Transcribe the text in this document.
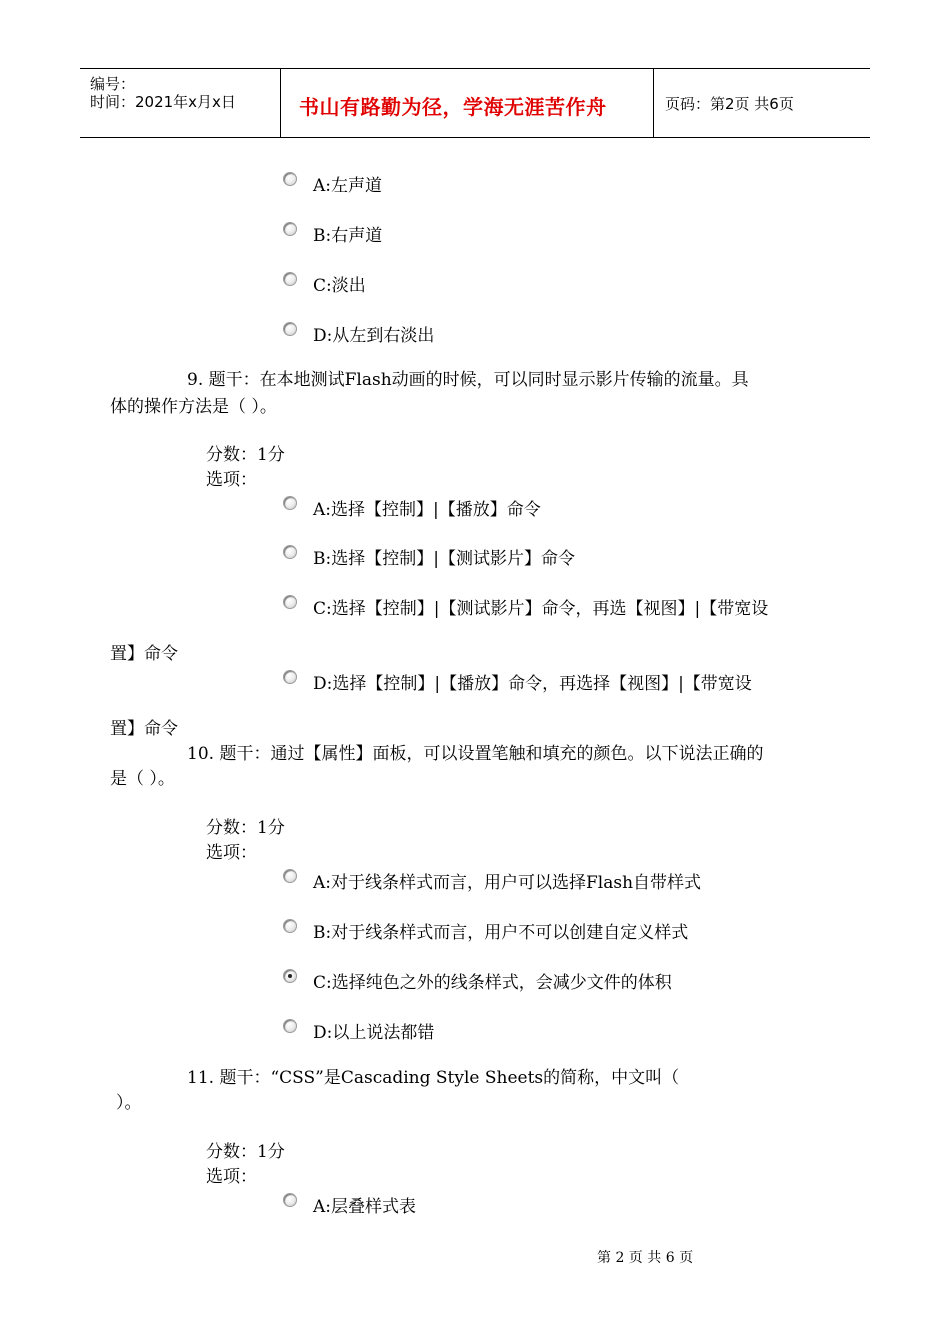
编号：
时间：2021年x月x日	书山有路勤为径，学海无涯苦作舟	页码：第2页 共6页
A:左声道
B:右声道
C:淡出
D:从左到右淡出
9. 题干：在本地测试Flash动画的时候，可以同时显示影片传输的流量。具
体的操作方法是（ ）。
分数：1分
选项：
A:选择【控制】|【播放】命令
B:选择【控制】|【测试影片】命令
C:选择【控制】|【测试影片】命令，再选【视图】|【带宽设
置】命令
D:选择【控制】|【播放】命令，再选择【视图】|【带宽设
置】命令
10. 题干：通过【属性】面板，可以设置笔触和填充的颜色。以下说法正确的
是（ ）。
分数：1分
选项：
A:对于线条样式而言，用户可以选择Flash自带样式
B:对于线条样式而言，用户不可以创建自定义样式
C:选择纯色之外的线条样式，会减少文件的体积
D:以上说法都错
11. 题干：“CSS”是Cascading Style Sheets的简称，中文叫（
）。
分数：1分
选项：
A:层叠样式表
第 2 页 共 6 页
